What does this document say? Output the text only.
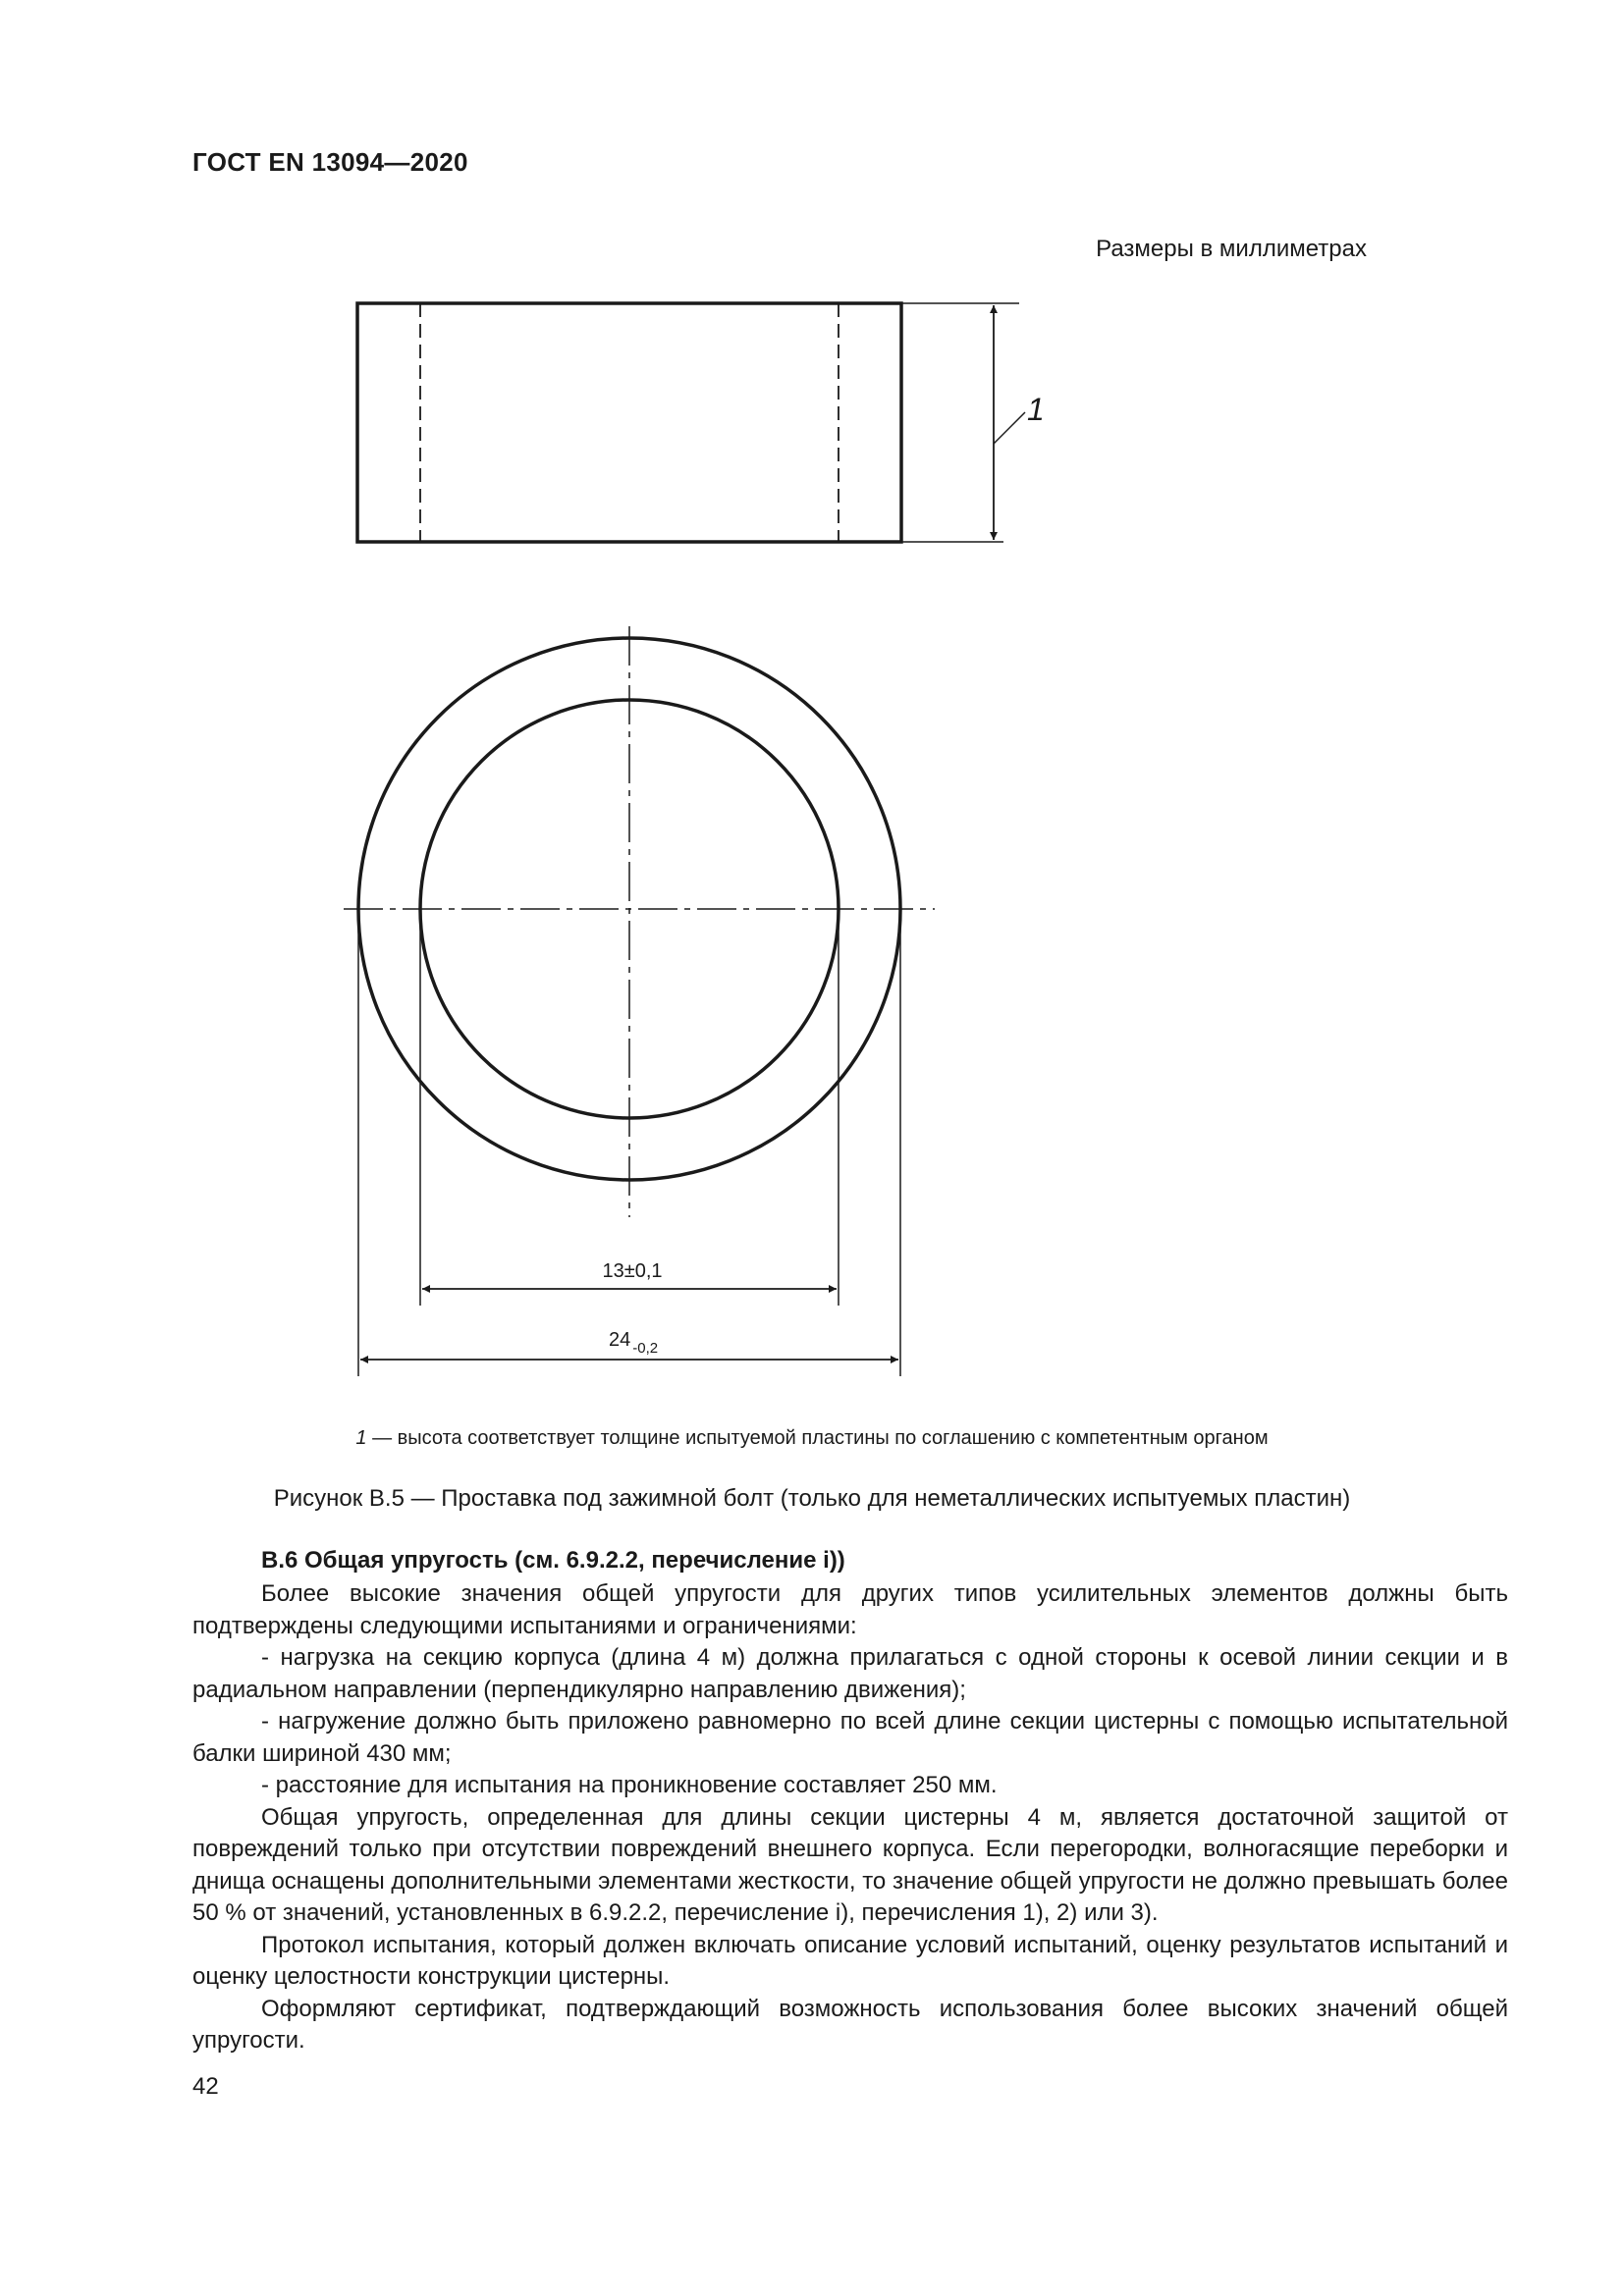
ГОСТ EN 13094—2020
Размеры в миллиметрах
1
13±0,1
24 $_{-0,2}$
1 — высота соответствует толщине испытуемой пластины по соглашению с компетентным органом
Рисунок В.5 — Проставка под зажимной болт (только для неметаллических испытуемых пластин)
В.6 Общая упругость (см. 6.9.2.2, перечисление i))

Более высокие значения общей упругости для других типов усилительных элементов должны быть подтверждены следующими испытаниями и ограничениями:

- нагрузка на секцию корпуса (длина 4 м) должна прилагаться с одной стороны к осевой линии секции и в радиальном направлении (перпендикулярно направлению движения);

- нагружение должно быть приложено равномерно по всей длине секции цистерны с помощью испытательной балки шириной 430 мм;

- расстояние для испытания на проникновение составляет 250 мм.

Общая упругость, определенная для длины секции цистерны 4 м, является достаточной защитой от повреждений только при отсутствии повреждений внешнего корпуса. Если перегородки, волногасящие переборки и днища оснащены дополнительными элементами жесткости, то значение общей упругости не должно превышать более 50 % от значений, установленных в 6.9.2.2, перечисление i), перечисления 1), 2) или 3).

Протокол испытания, который должен включать описание условий испытаний, оценку результатов испытаний и оценку целостности конструкции цистерны.

Оформляют сертификат, подтверждающий возможность использования более высоких значений общей упругости.

42
